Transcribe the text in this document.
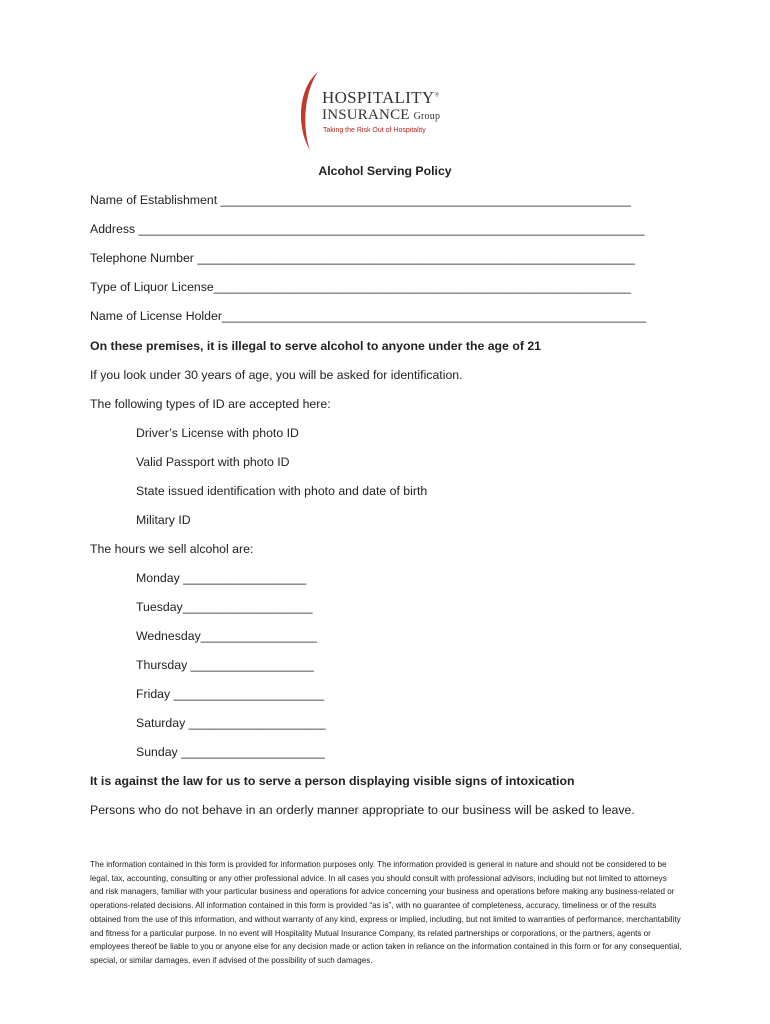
HOSPITALITY®
INSURANCE Group
Taking the Risk Out of Hospitality
Alcohol Serving Policy
Name of Establishment ____________________________________________________________
Address __________________________________________________________________________
Telephone Number ________________________________________________________________
Type of Liquor License_____________________________________________________________
Name of License Holder______________________________________________________________
On these premises, it is illegal to serve alcohol to anyone under the age of 21
If you look under 30 years of age, you will be asked for identification.
The following types of ID are accepted here:
Driver’s License with photo ID
Valid Passport with photo ID
State issued identification with photo and date of birth
Military ID
The hours we sell alcohol are:
Monday __________________
Tuesday___________________
Wednesday_________________
Thursday __________________
Friday ______________________
Saturday ____________________
Sunday _____________________
It is against the law for us to serve a person displaying visible signs of intoxication
Persons who do not behave in an orderly manner appropriate to our business will be asked to leave.
The information contained in this form is provided for information purposes only. The information provided is general in nature and should not be considered to be legal, tax, accounting, consulting or any other professional advice. In all cases you should consult with professional advisors, including but not limited to attorneys and risk managers, familiar with your particular business and operations for advice concerning your business and operations before making any business-related or operations-related decisions. All information contained in this form is provided “as is”, with no guarantee of completeness, accuracy, timeliness or of the results obtained from the use of this information, and without warranty of any kind, express or implied, including, but not limited to warranties of performance, merchantability and fitness for a particular purpose. In no event will Hospitality Mutual Insurance Company, its related partnerships or corporations, or the partners, agents or employees thereof be liable to you or anyone else for any decision made or action taken in reliance on the information contained in this form or for any consequential, special, or similar damages, even if advised of the possibility of such damages.
